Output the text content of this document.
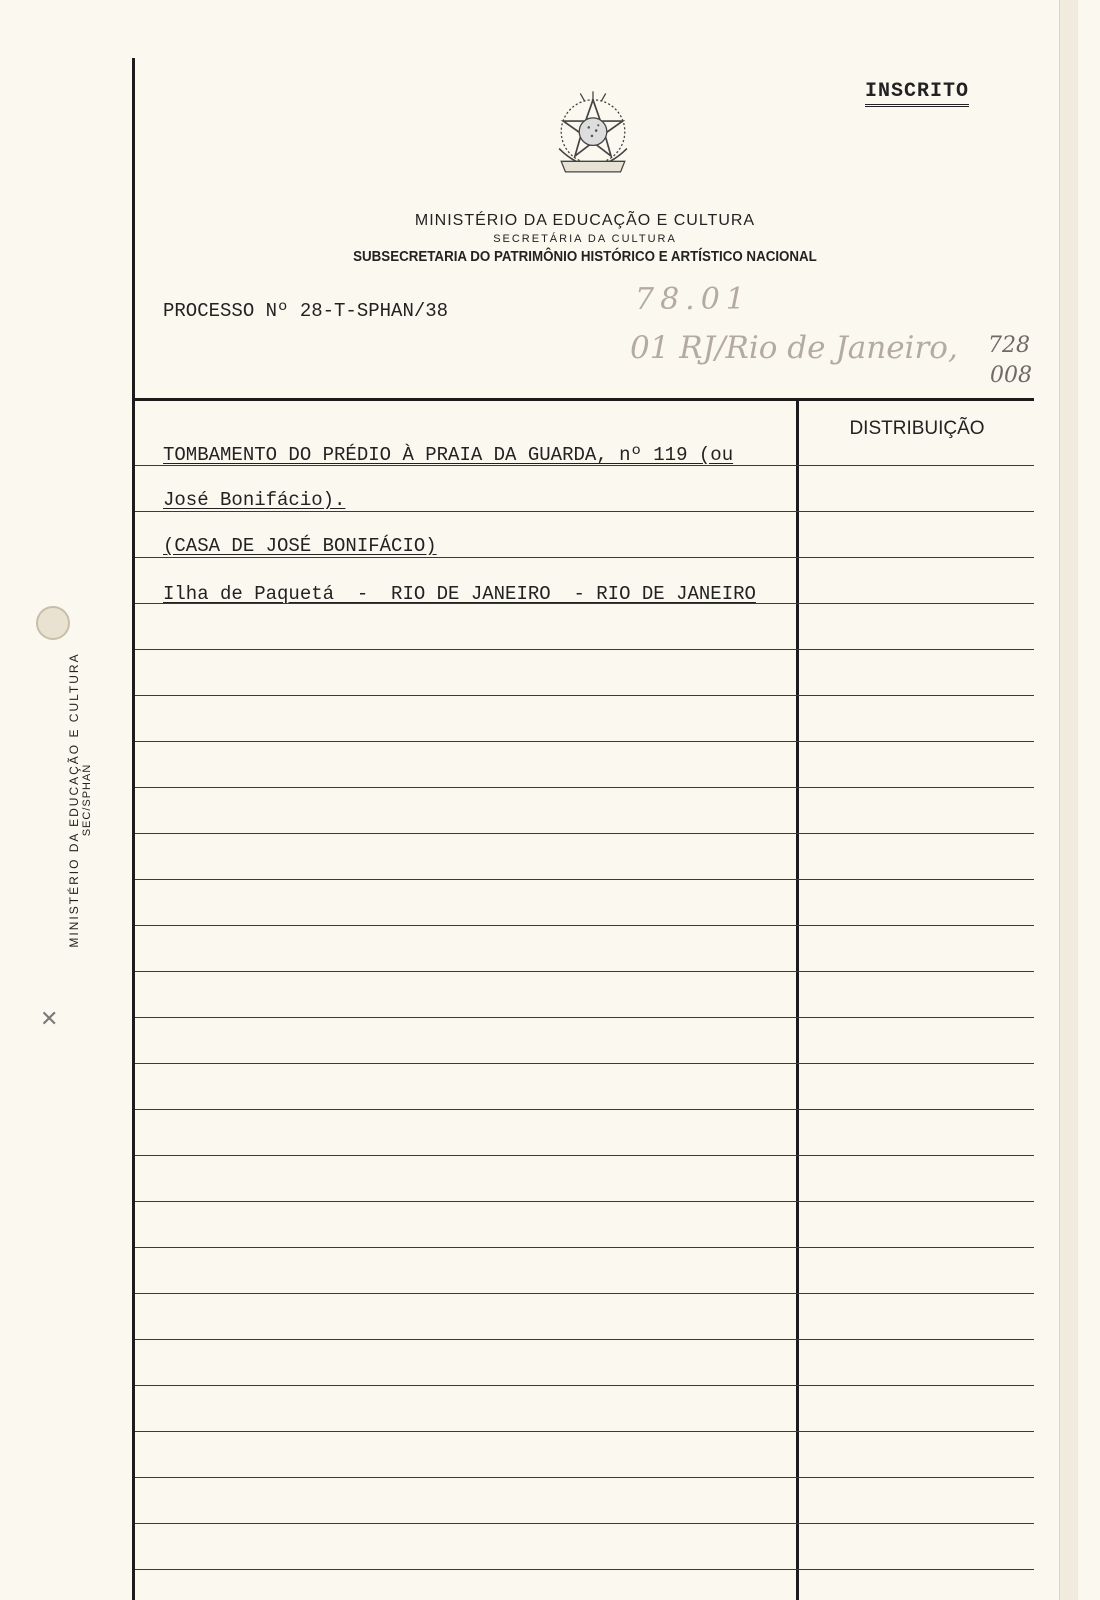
✕
MINISTÉRIO DA EDUCAÇÃO E CULTURA SEC/SPHAN
INSCRITO
MINISTÉRIO DA EDUCAÇÃO E CULTURA
SECRETÁRIA DA CULTURA
SUBSECRETARIA DO PATRIMÔNIO HISTÓRICO E ARTÍSTICO NACIONAL
PROCESSO Nº 28-T-SPHAN/38	78.01
01 RJ/Rio de Janeiro, 728
008
DISTRIBUIÇÃO
TOMBAMENTO DO PRÉDIO À PRAIA DA GUARDA, nº 119 (ou
José Bonifácio).
(CASA DE JOSÉ BONIFÁCIO)
Ilha de Paquetá  -  RIO DE JANEIRO  - RIO DE JANEIRO
